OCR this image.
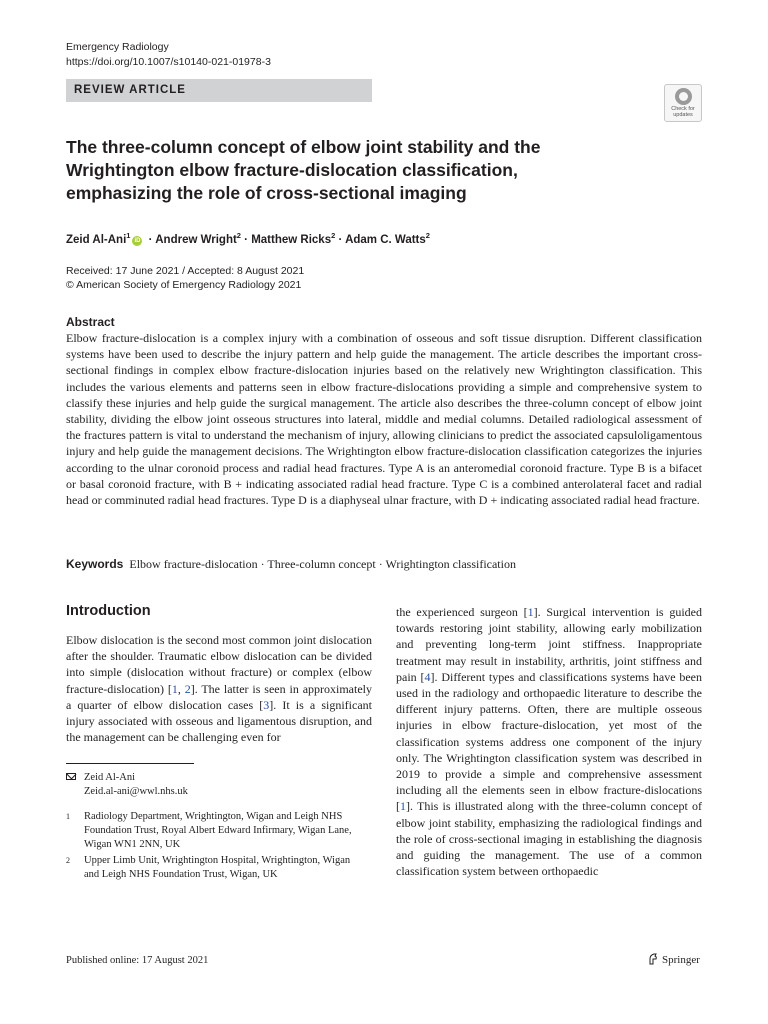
Emergency Radiology
https://doi.org/10.1007/s10140-021-01978-3
REVIEW ARTICLE
Check for updates
The three-column concept of elbow joint stability and the Wrightington elbow fracture-dislocation classification, emphasizing the role of cross-sectional imaging
Zeid Al-Ani$^1$iD · Andrew Wright$^2$ · Matthew Ricks$^2$ · Adam C. Watts$^2$
Received: 17 June 2021 / Accepted: 8 August 2021
© American Society of Emergency Radiology 2021
Abstract

Elbow fracture-dislocation is a complex injury with a combination of osseous and soft tissue disruption. Different classification systems have been used to describe the injury pattern and help guide the management. The article describes the important cross-sectional findings in complex elbow fracture-dislocation injuries based on the relatively new Wrightington classification. This includes the various elements and patterns seen in elbow fracture-dislocations providing a simple and comprehensive system to classify these injuries and help guide the surgical management. The article also describes the three-column concept of elbow joint stability, dividing the elbow joint osseous structures into lateral, middle and medial columns. Detailed radiological assessment of the fractures pattern is vital to understand the mechanism of injury, allowing clinicians to predict the associated capsuloligamentous injury and help guide the management decisions. The Wrightington elbow fracture-dislocation classification categorizes the injuries according to the ulnar coronoid process and radial head fractures. Type A is an anteromedial coronoid fracture. Type B is a bifacet or basal coronoid fracture, with B + indicating associated radial head fracture. Type C is a combined anterolateral facet and radial head or comminuted radial head fractures. Type D is a diaphyseal ulnar fracture, with D + indicating associated radial head fracture.

Keywords Elbow fracture-dislocation · Three-column concept · Wrightington classification
Introduction

Elbow dislocation is the second most common joint dislocation after the shoulder. Traumatic elbow dislocation can be divided into simple (dislocation without fracture) or complex (elbow fracture-dislocation) [1, 2]. The latter is seen in approximately a quarter of elbow dislocation cases [3]. It is a significant injury associated with osseous and ligamentous disruption, and the management can be challenging even for

the experienced surgeon [1]. Surgical intervention is guided towards restoring joint stability, allowing early mobilization and preventing long-term joint stiffness. Inappropriate treatment may result in instability, arthritis, joint stiffness and pain [4]. Different types and classifications systems have been used in the radiology and orthopaedic literature to describe the different injury patterns. Often, there are multiple osseous injuries in elbow fracture-dislocation, yet most of the classification systems address one component of the injury only. The Wrightington classification system was described in 2019 to provide a simple and comprehensive assessment including all the elements seen in elbow fracture-dislocations [1]. This is illustrated along with the three-column concept of elbow joint stability, emphasizing the radiological findings and the role of cross-sectional imaging in establishing the diagnosis and guiding the management. The use of a common classification system between orthopaedic

Zeid Al-Ani
Zeid.al-ani@wwl.nhs.uk
1 Radiology Department, Wrightington, Wigan and Leigh NHS Foundation Trust, Royal Albert Edward Infirmary, Wigan Lane, Wigan WN1 2NN, UK

2 Upper Limb Unit, Wrightington Hospital, Wrightington, Wigan and Leigh NHS Foundation Trust, Wigan, UK

Published online: 17 August 2021	Springer
